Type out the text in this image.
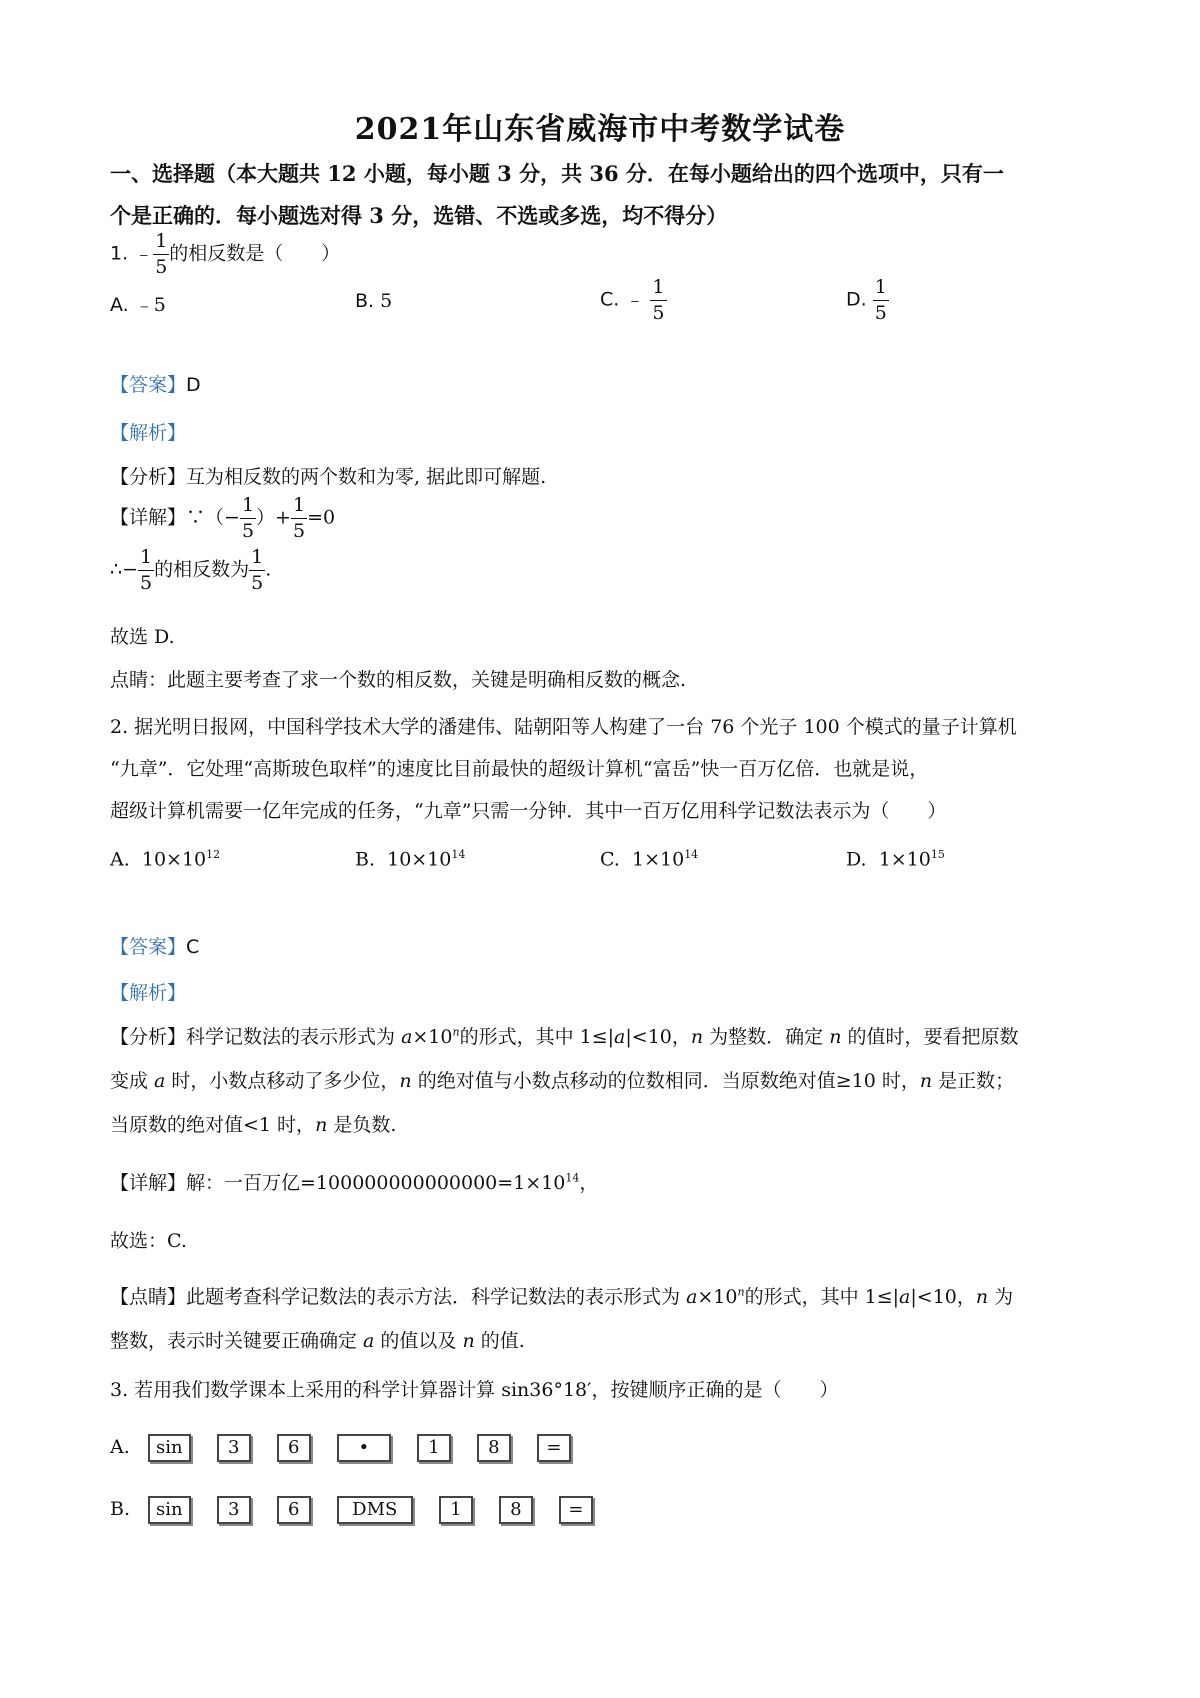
2021年山东省威海市中考数学试卷
一、选择题（本大题共 12 小题，每小题 3 分，共 36 分．在每小题给出的四个选项中，只有一
个是正确的．每小题选对得 3 分，选错、不选或多选，均不得分）
1. ﹣ $\frac{1}{5}$ 的相反数是（　　）
A. ﹣5	B. 5	C. ﹣ $\frac{1}{5}$	D. $\frac{1}{5}$
【答案】D
【解析】
【分析】互为相反数的两个数和为零, 据此即可解题.
【详解】∵（− $\frac{1}{5}$ ）+ $\frac{1}{5} =0$
∴− $\frac{1}{5}$ 的相反数为 $\frac{1}{5}$ .
故选 D.
点睛：此题主要考查了求一个数的相反数，关键是明确相反数的概念.
2. 据光明日报网，中国科学技术大学的潘建伟、陆朝阳等人构建了一台 76 个光子 100 个模式的量子计算机
“九章”．它处理“高斯玻色取样”的速度比目前最快的超级计算机“富岳”快一百万亿倍．也就是说，
超级计算机需要一亿年完成的任务，“九章”只需一分钟．其中一百万亿用科学记数法表示为（　　）
A. $10\times 10^{12}$	B. $10\times 10^{14}$	C. $1\times 10^{14}$	D. $1\times 10^{15}$
【答案】C
【解析】
【分析】科学记数法的表示形式为 $a\times 10^n$的形式，其中 1≤|a|<10，n 为整数．确定 n 的值时，要看把原数
变成 a 时，小数点移动了多少位，n 的绝对值与小数点移动的位数相同．当原数绝对值≥10 时，n 是正数；
当原数的绝对值<1 时，n 是负数.
【详解】解：一百万亿$=100000000000000=1\times 10^{14}$，
故选：C.
【点睛】此题考查科学记数法的表示方法．科学记数法的表示形式为 $a\times 10^n$的形式，其中 1≤|a|<10，n 为
整数，表示时关键要正确确定 a 的值以及 n 的值.
3. 若用我们数学课本上采用的科学计算器计算 sin36°18′，按键顺序正确的是（　　）
A. sin	3	6	•	1	8	=
B. sin	3	6	DMS	1	8	=
